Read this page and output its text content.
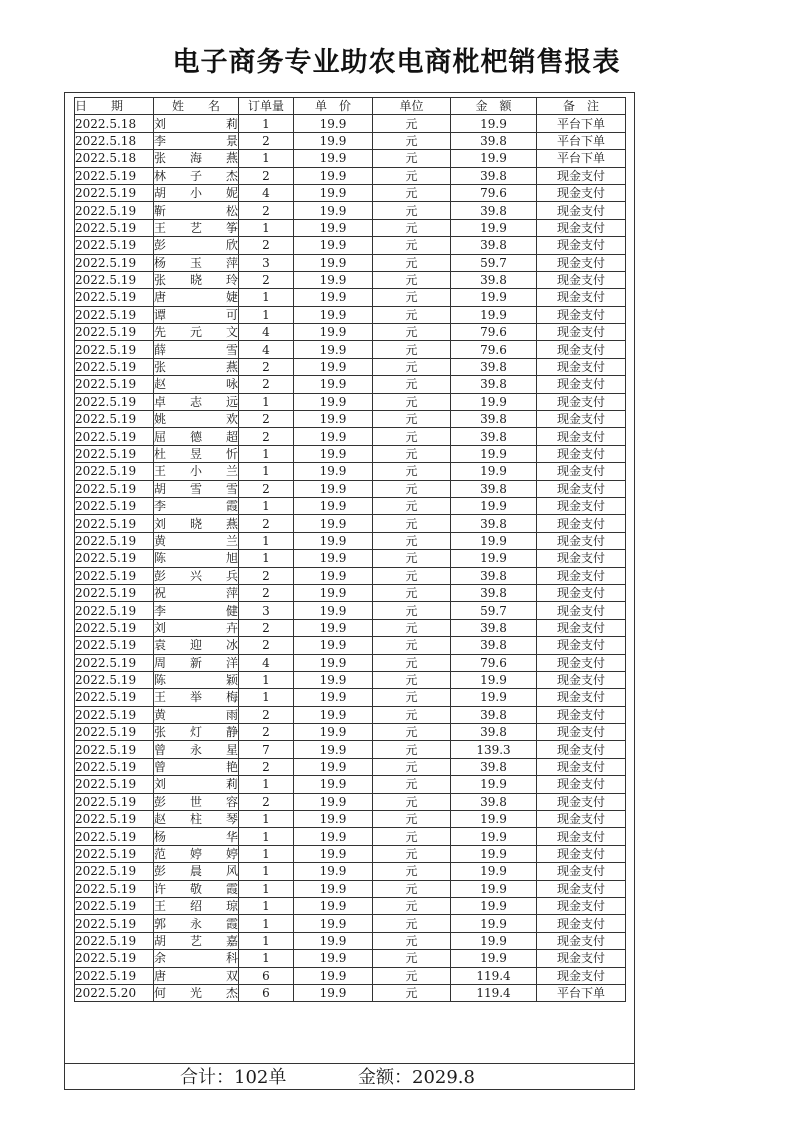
电子商务专业助农电商枇杷销售报表
日　　期	姓　　名	订单量	单　价	单位	金　额	备　注
2022.5.18	刘莉	1	19.9	元	19.9	平台下单
2022.5.18	李景	2	19.9	元	39.8	平台下单
2022.5.18	张海燕	1	19.9	元	19.9	平台下单
2022.5.19	林子杰	2	19.9	元	39.8	现金支付
2022.5.19	胡小妮	4	19.9	元	79.6	现金支付
2022.5.19	靳松	2	19.9	元	39.8	现金支付
2022.5.19	王艺筝	1	19.9	元	19.9	现金支付
2022.5.19	彭欣	2	19.9	元	39.8	现金支付
2022.5.19	杨玉萍	3	19.9	元	59.7	现金支付
2022.5.19	张晓玲	2	19.9	元	39.8	现金支付
2022.5.19	唐婕	1	19.9	元	19.9	现金支付
2022.5.19	谭可	1	19.9	元	19.9	现金支付
2022.5.19	先元文	4	19.9	元	79.6	现金支付
2022.5.19	薛雪	4	19.9	元	79.6	现金支付
2022.5.19	张燕	2	19.9	元	39.8	现金支付
2022.5.19	赵咏	2	19.9	元	39.8	现金支付
2022.5.19	卓志远	1	19.9	元	19.9	现金支付
2022.5.19	姚欢	2	19.9	元	39.8	现金支付
2022.5.19	屈德超	2	19.9	元	39.8	现金支付
2022.5.19	杜昱忻	1	19.9	元	19.9	现金支付
2022.5.19	王小兰	1	19.9	元	19.9	现金支付
2022.5.19	胡雪雪	2	19.9	元	39.8	现金支付
2022.5.19	李霞	1	19.9	元	19.9	现金支付
2022.5.19	刘晓燕	2	19.9	元	39.8	现金支付
2022.5.19	黄兰	1	19.9	元	19.9	现金支付
2022.5.19	陈旭	1	19.9	元	19.9	现金支付
2022.5.19	彭兴兵	2	19.9	元	39.8	现金支付
2022.5.19	祝萍	2	19.9	元	39.8	现金支付
2022.5.19	李健	3	19.9	元	59.7	现金支付
2022.5.19	刘卉	2	19.9	元	39.8	现金支付
2022.5.19	袁迎冰	2	19.9	元	39.8	现金支付
2022.5.19	周新洋	4	19.9	元	79.6	现金支付
2022.5.19	陈颖	1	19.9	元	19.9	现金支付
2022.5.19	王举梅	1	19.9	元	19.9	现金支付
2022.5.19	黄雨	2	19.9	元	39.8	现金支付
2022.5.19	张灯静	2	19.9	元	39.8	现金支付
2022.5.19	曾永星	7	19.9	元	139.3	现金支付
2022.5.19	曾艳	2	19.9	元	39.8	现金支付
2022.5.19	刘莉	1	19.9	元	19.9	现金支付
2022.5.19	彭世容	2	19.9	元	39.8	现金支付
2022.5.19	赵柱琴	1	19.9	元	19.9	现金支付
2022.5.19	杨华	1	19.9	元	19.9	现金支付
2022.5.19	范婷婷	1	19.9	元	19.9	现金支付
2022.5.19	彭晨风	1	19.9	元	19.9	现金支付
2022.5.19	许敬霞	1	19.9	元	19.9	现金支付
2022.5.19	王绍琼	1	19.9	元	19.9	现金支付
2022.5.19	郭永霞	1	19.9	元	19.9	现金支付
2022.5.19	胡艺嘉	1	19.9	元	19.9	现金支付
2022.5.19	余科	1	19.9	元	19.9	现金支付
2022.5.19	唐双	6	19.9	元	119.4	现金支付
2022.5.20	何光杰	6	19.9	元	119.4	平台下单
合计：102单	金额：2029.8
